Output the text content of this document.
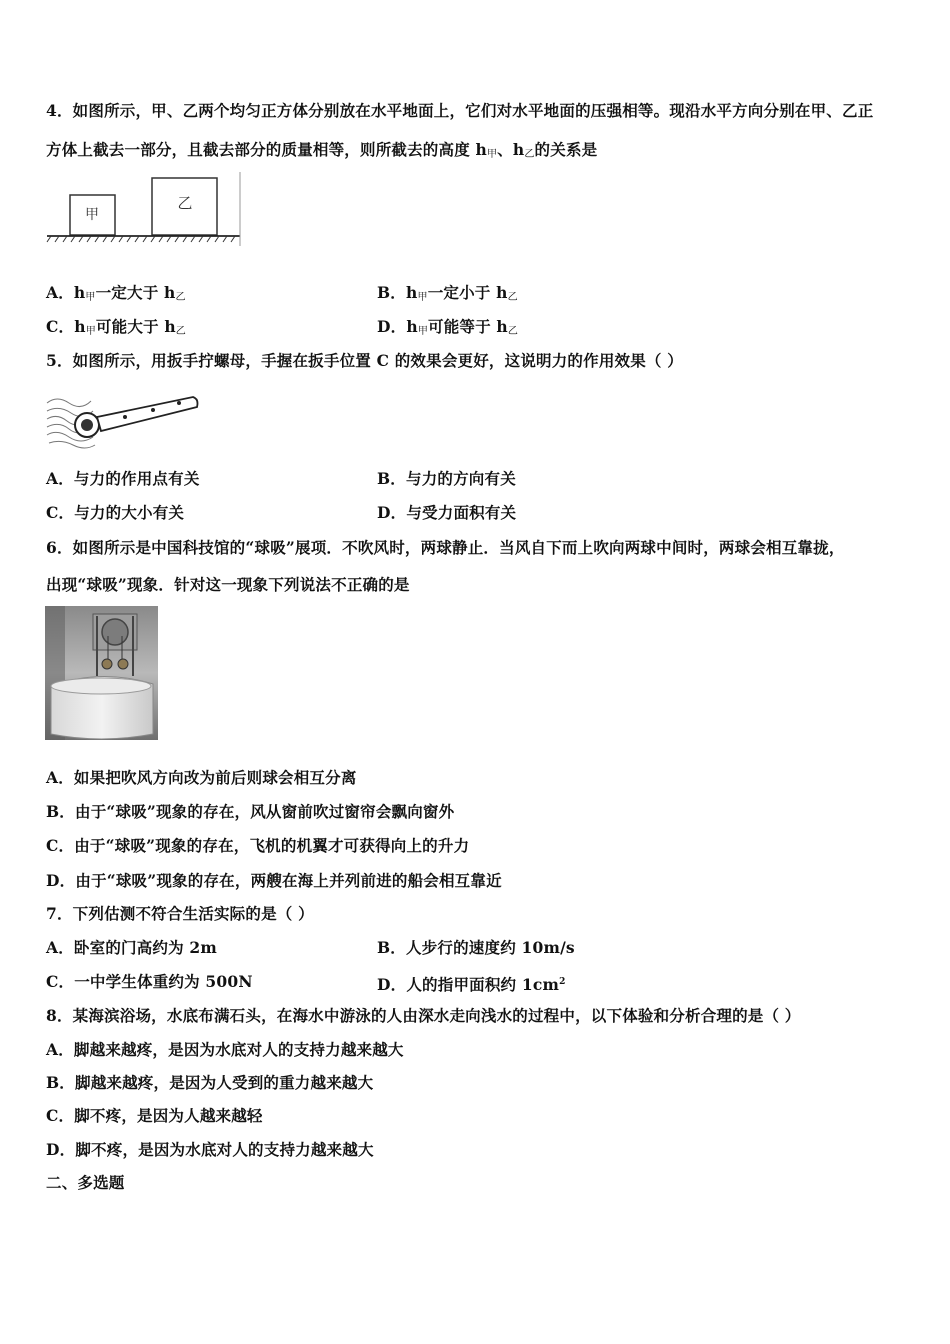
4．如图所示，甲、乙两个均匀正方体分别放在水平地面上，它们对水平地面的压强相等。现沿水平方向分别在甲、乙正
方体上截去一部分，且截去部分的质量相等，则所截去的高度 $h_甲$、$h_乙$的关系是
甲
乙
A．$h_甲$一定大于 $h_乙$	B．$h_甲$一定小于 $h_乙$
C．$h_甲$可能大于 $h_乙$	D．$h_甲$可能等于 $h_乙$
5．如图所示，用扳手拧螺母，手握在扳手位置 C 的效果会更好，这说明力的作用效果（ ）
A．与力的作用点有关	B．与力的方向有关
C．与力的大小有关	D．与受力面积有关
6．如图所示是中国科技馆的“球吸”展项．不吹风时，两球静止．当风自下而上吹向两球中间时，两球会相互靠拢，
出现“球吸”现象．针对这一现象下列说法不正确的是
A．如果把吹风方向改为前后则球会相互分离
B．由于“球吸”现象的存在，风从窗前吹过窗帘会飘向窗外
C．由于“球吸”现象的存在，飞机的机翼才可获得向上的升力
D．由于“球吸”现象的存在，两艘在海上并列前进的船会相互靠近
7．下列估测不符合生活实际的是（ ）
A．卧室的门高约为 2m	B．人步行的速度约 10m/s
C．一中学生体重约为 500N	D．人的指甲面积约 $1cm^2$
8．某海滨浴场，水底布满石头，在海水中游泳的人由深水走向浅水的过程中，以下体验和分析合理的是（ ）
A．脚越来越疼，是因为水底对人的支持力越来越大
B．脚越来越疼，是因为人受到的重力越来越大
C．脚不疼，是因为人越来越轻
D．脚不疼，是因为水底对人的支持力越来越大
二、多选题
